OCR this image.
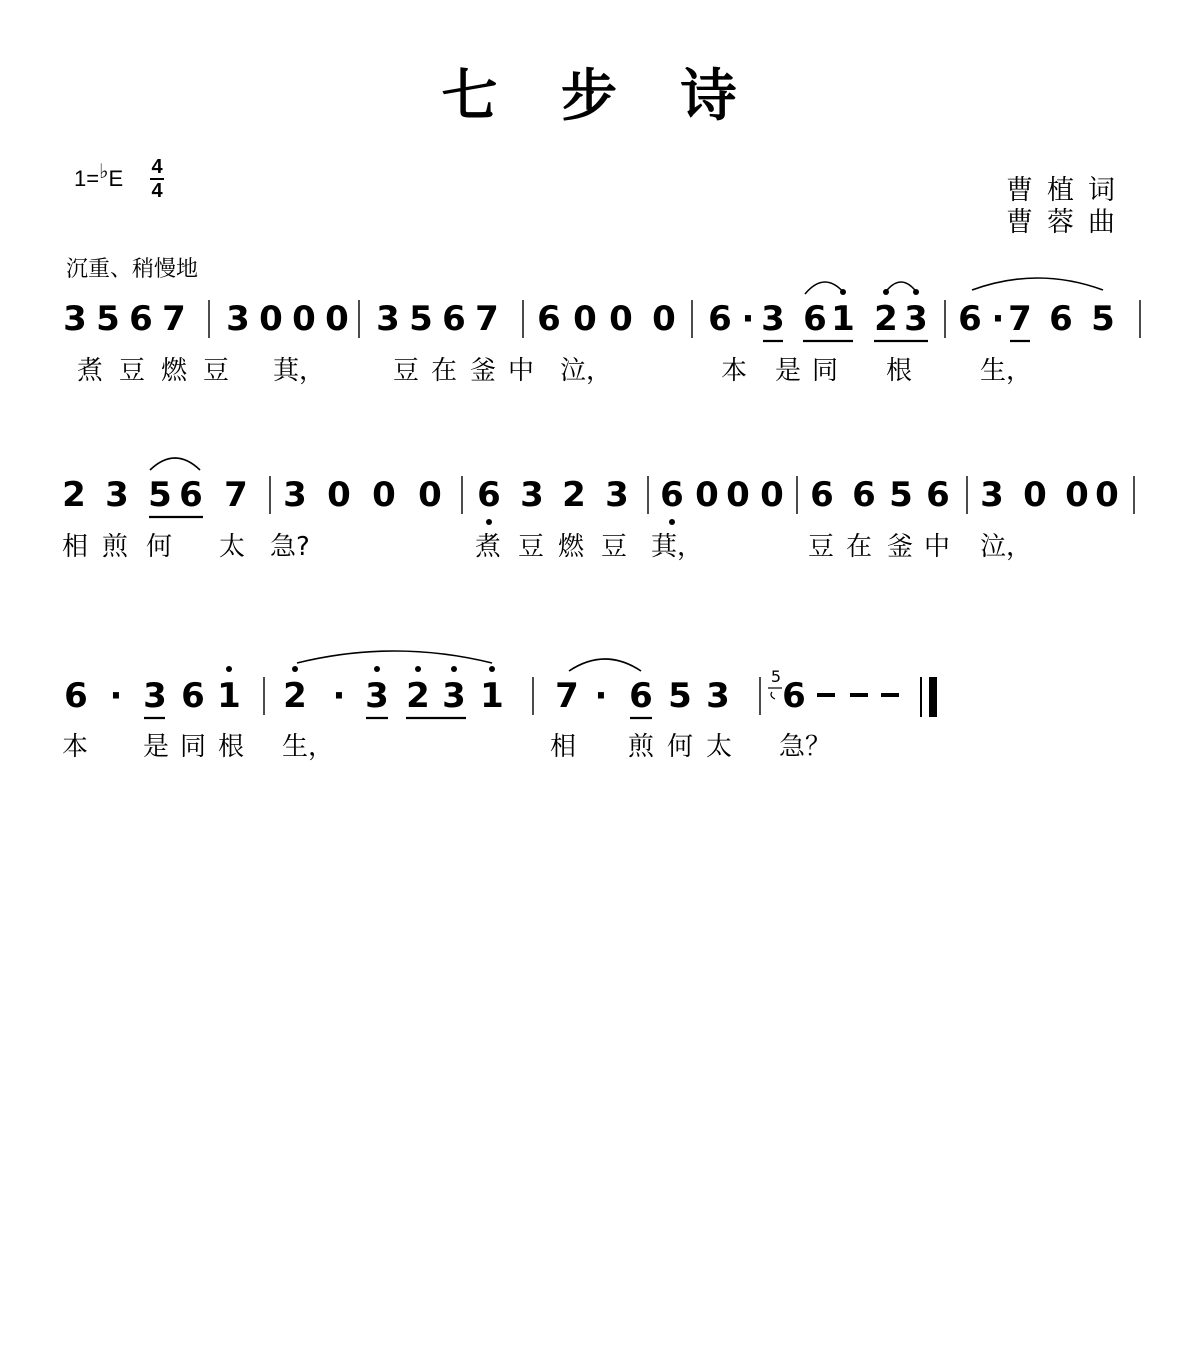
七 步 诗
1=♭E 4
4	曹植词
曹蓉曲
沉重、稍慢地
3 5 6 7 3 0 0 0 3 5 6 7 6 0 0 0 6 · 3 6 1 2 3 6 · 7 6 5
煮 豆 燃 豆 萁，	豆 在 釜 中 泣，	本 是 同 根	生，
2 3 5 6 7 3 0 0 0 6 3 2 3 6 0 0 0 6 6 5 6 3 0 0 0
相 煎 何 太 急?	煮 豆 燃 豆 萁，	豆 在 釜 中 泣，
6 · 3 6 1 2 · 3 2 3 1 7 · 6 5 3 6
5
本 是 同 根 生，	相 煎 何 太 急？
